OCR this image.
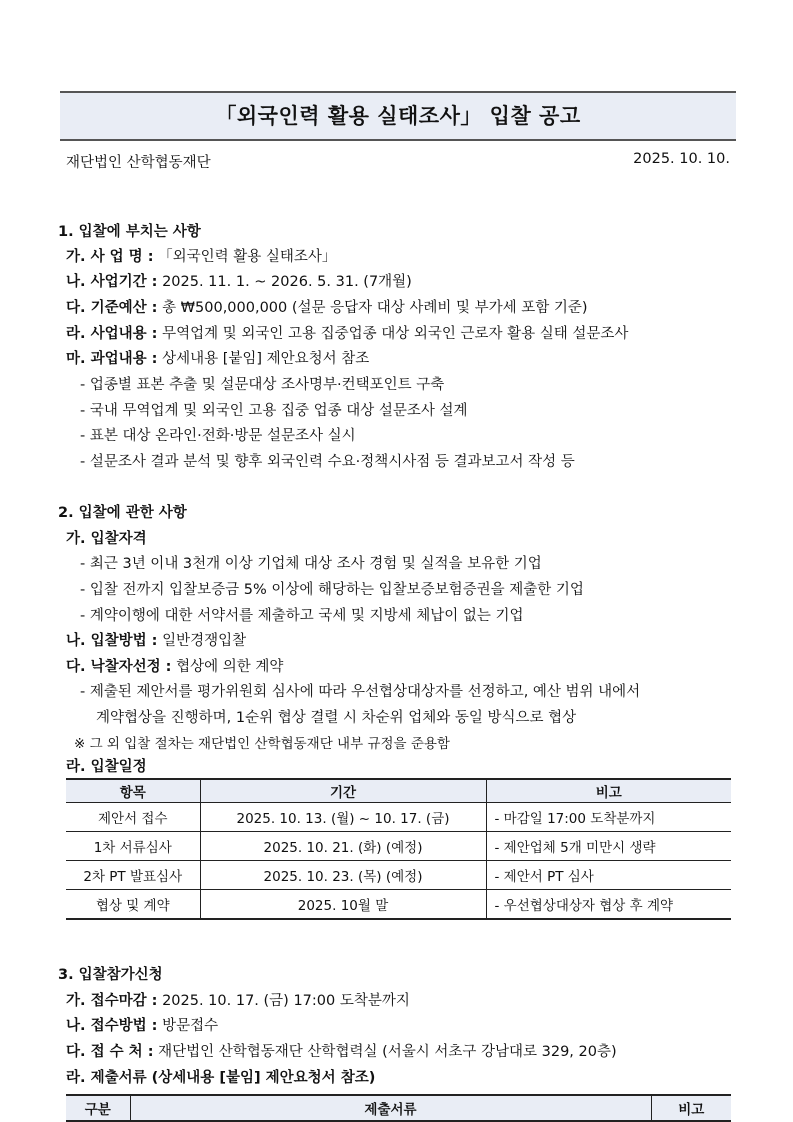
「외국인력 활용 실태조사」 입찰 공고
재단법인 산학협동재단	2025. 10. 10.
1. 입찰에 부치는 사항
가. 사 업 명 : 「외국인력 활용 실태조사」
나. 사업기간 : 2025. 11. 1. ~ 2026. 5. 31. (7개월)
다. 기준예산 : 총 ₩500,000,000 (설문 응답자 대상 사례비 및 부가세 포함 기준)
라. 사업내용 : 무역업계 및 외국인 고용 집중업종 대상 외국인 근로자 활용 실태 설문조사
마. 과업내용 : 상세내용 [붙임] 제안요청서 참조
- 업종별 표본 추출 및 설문대상 조사명부·컨택포인트 구축
- 국내 무역업계 및 외국인 고용 집중 업종 대상 설문조사 설계
- 표본 대상 온라인·전화·방문 설문조사 실시
- 설문조사 결과 분석 및 향후 외국인력 수요·정책시사점 등 결과보고서 작성 등
2. 입찰에 관한 사항
가. 입찰자격
- 최근 3년 이내 3천개 이상 기업체 대상 조사 경험 및 실적을 보유한 기업
- 입찰 전까지 입찰보증금 5% 이상에 해당하는 입찰보증보험증권을 제출한 기업
- 계약이행에 대한 서약서를 제출하고 국세 및 지방세 체납이 없는 기업
나. 입찰방법 : 일반경쟁입찰
다. 낙찰자선정 : 협상에 의한 계약
- 제출된 제안서를 평가위원회 심사에 따라 우선협상대상자를 선정하고, 예산 범위 내에서
계약협상을 진행하며, 1순위 협상 결렬 시 차순위 업체와 동일 방식으로 협상
※ 그 외 입찰 절차는 재단법인 산학협동재단 내부 규정을 준용함
라. 입찰일정
항목	기간	비고
제안서 접수	2025. 10. 13. (월) ~ 10. 17. (금)	- 마감일 17:00 도착분까지
1차 서류심사	2025. 10. 21. (화) (예정)	- 제안업체 5개 미만시 생략
2차 PT 발표심사	2025. 10. 23. (목) (예정)	- 제안서 PT 심사
협상 및 계약	2025. 10월 말	- 우선협상대상자 협상 후 계약
3. 입찰참가신청
가. 접수마감 : 2025. 10. 17. (금) 17:00 도착분까지
나. 접수방법 : 방문접수
다. 접 수 처 : 재단법인 산학협동재단 산학협력실 (서울시 서초구 강남대로 329, 20층)
라. 제출서류 (상세내용 [붙임] 제안요청서 참조)
구분	제출서류	비고
